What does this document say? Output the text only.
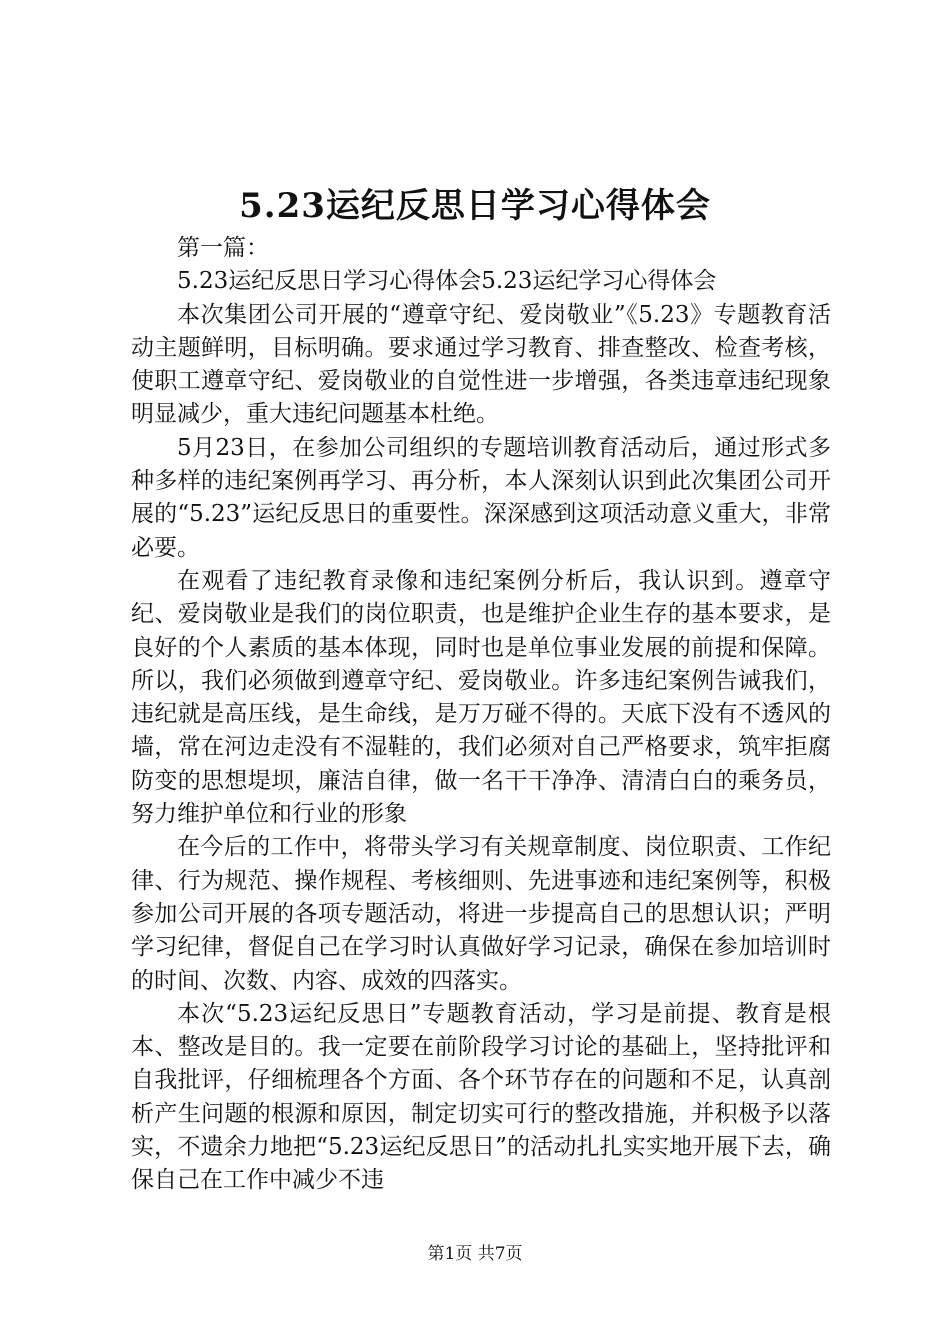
5.23运纪反思日学习心得体会

第一篇：

5.23运纪反思日学习心得体会5.23运纪学习心得体会

本次集团公司开展的“遵章守纪、爱岗敬业”《5.23》专题教育活动主题鲜明，目标明确。要求通过学习教育、排查整改、检查考核，使职工遵章守纪、爱岗敬业的自觉性进一步增强，各类违章违纪现象明显减少，重大违纪问题基本杜绝。

5月23日，在参加公司组织的专题培训教育活动后，通过形式多种多样的违纪案例再学习、再分析，本人深刻认识到此次集团公司开展的“5.23”运纪反思日的重要性。深深感到这项活动意义重大，非常必要。

在观看了违纪教育录像和违纪案例分析后，我认识到。遵章守纪、爱岗敬业是我们的岗位职责，也是维护企业生存的基本要求，是良好的个人素质的基本体现，同时也是单位事业发展的前提和保障。所以，我们必须做到遵章守纪、爱岗敬业。许多违纪案例告诫我们，违纪就是高压线，是生命线，是万万碰不得的。天底下没有不透风的墙，常在河边走没有不湿鞋的，我们必须对自己严格要求，筑牢拒腐防变的思想堤坝，廉洁自律，做一名干干净净、清清白白的乘务员，努力维护单位和行业的形象

在今后的工作中，将带头学习有关规章制度、岗位职责、工作纪律、行为规范、操作规程、考核细则、先进事迹和违纪案例等，积极参加公司开展的各项专题活动，将进一步提高自己的思想认识；严明学习纪律，督促自己在学习时认真做好学习记录，确保在参加培训时的时间、次数、内容、成效的四落实。

本次“5.23运纪反思日”专题教育活动，学习是前提、教育是根本、整改是目的。我一定要在前阶段学习讨论的基础上，坚持批评和自我批评，仔细梳理各个方面、各个环节存在的问题和不足，认真剖析产生问题的根源和原因，制定切实可行的整改措施，并积极予以落实，不遗余力地把“5.23运纪反思日”的活动扎扎实实地开展下去，确保自己在工作中减少不违

第1页 共7页
